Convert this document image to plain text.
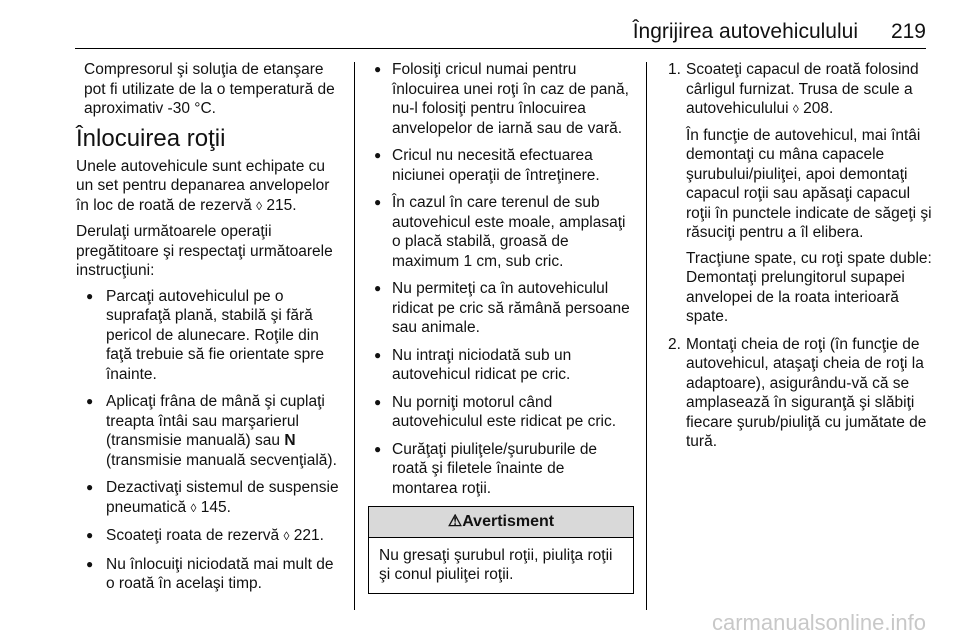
Îngrijirea autovehiculului 219

Compresorul şi soluţia de etanşare pot fi utilizate de la o temperatură de aproximativ -30 °C.

Înlocuirea roţii

Unele autovehicule sunt echipate cu un set pentru depanarea anvelopelor în loc de roată de rezervă ◊ 215.

Derulaţi următoarele operaţii pregătitoare şi respectaţi următoarele instrucţiuni:

● Parcaţi autovehiculul pe o suprafaţă plană, stabilă şi fără pericol de alunecare. Roţile din faţă trebuie să fie orientate spre înainte.
● Aplicaţi frâna de mână şi cuplaţi treapta întâi sau marşarierul (transmisie manuală) sau N
(transmisie manuală secvenţială).
● Dezactivaţi sistemul de suspensie pneumatică ◊ 145.
● Scoateţi roata de rezervă ◊ 221.
● Nu înlocuiţi niciodată mai mult de o roată în acelaşi timp.
● Folosiţi cricul numai pentru înlocuirea unei roţi în caz de pană, nu-l folosiţi pentru înlocuirea anvelopelor de iarnă sau de vară.
● Cricul nu necesită efectuarea niciunei operaţii de întreţinere.
● În cazul în care terenul de sub autovehicul este moale, amplasaţi o placă stabilă, groasă de maximum 1 cm, sub cric.
● Nu permiteţi ca în autovehiculul ridicat pe cric să rămână persoane sau animale.
● Nu intraţi niciodată sub un autovehicul ridicat pe cric.
● Nu porniţi motorul când autovehiculul este ridicat pe cric.
● Curăţaţi piuliţele/şuruburile de roată şi filetele înainte de montarea roţii.
⚠Avertisment
Nu gresaţi şurubul roţii, piuliţa roţii şi conul piuliţei roţii.
1. Scoateţi capacul de roată folosind cârligul furnizat. Trusa de scule a autovehiculului ◊ 208.

În funcţie de autovehicul, mai întâi demontaţi cu mâna capacele şurubului/piuliţei, apoi demontaţi capacul roţii sau apăsaţi capacul roţii în punctele indicate de săgeţi şi răsuciţi pentru a îl elibera.

Tracţiune spate, cu roţi spate duble: Demontaţi prelungitorul supapei anvelopei de la roata interioară spate.

2. Montaţi cheia de roţi (în funcţie de autovehicul, ataşaţi cheia de roţi la adaptoare), asigurându-vă că se amplasează în siguranţă şi slăbiţi fiecare şurub/piuliţă cu jumătate de tură.

carmanualsonline.info
